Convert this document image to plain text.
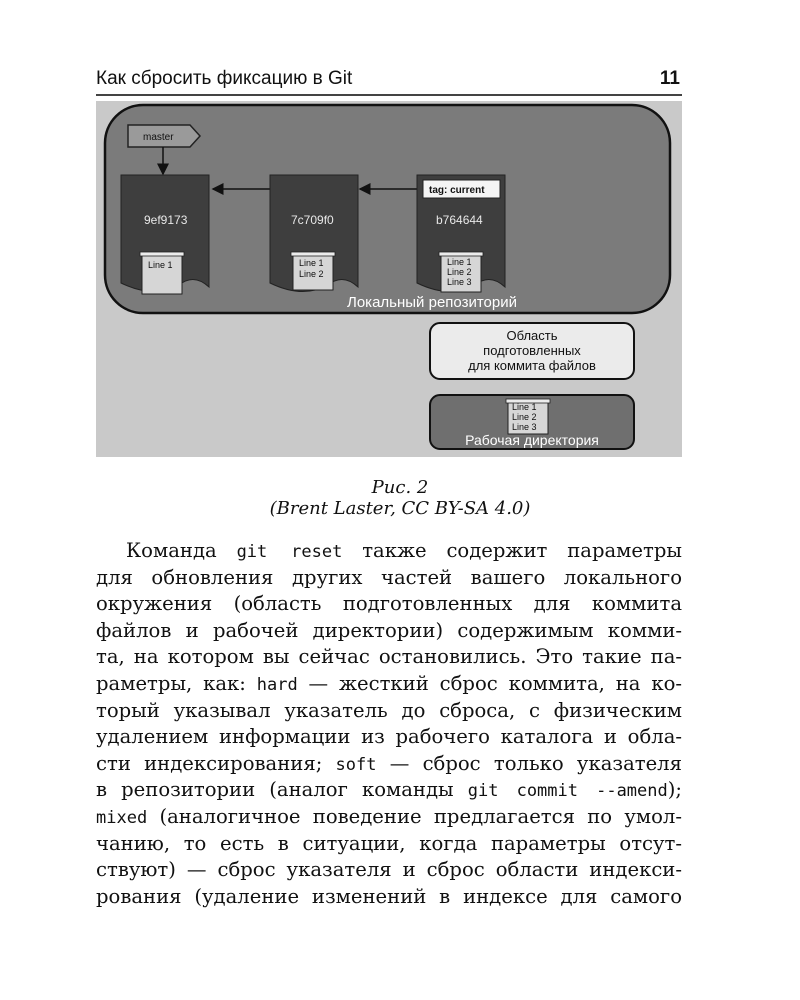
Как сбросить фиксацию в Git	11
master
9ef9173
Line 1
7c709f0
Line 1
Line 2
tag: current
b764644
Line 1
Line 2
Line 3
Локальный репозиторий
Область
подготовленных
для коммита файлов
Line 1
Line 2
Line 3
Рабочая директория
Рис. 2
(Brent Laster, CC BY-SA 4.0)
Команда git reset также содержит параметры
для обновления других частей вашего локального
окружения (область подготовленных для коммита
файлов и рабочей директории) содержимым комми-
та, на котором вы сейчас остановились. Это такие па-
раметры, как: hard — жесткий сброс коммита, на ко-
торый указывал указатель до сброса, с физическим
удалением информации из рабочего каталога и обла-
сти индексирования; soft — сброс только указателя
в репозитории (аналог команды git commit --amend);
mixed (аналогичное поведение предлагается по умол-
чанию, то есть в ситуации, когда параметры отсут-
ствуют) — сброс указателя и сброс области индекси-
рования (удаление изменений в индексе для самого
